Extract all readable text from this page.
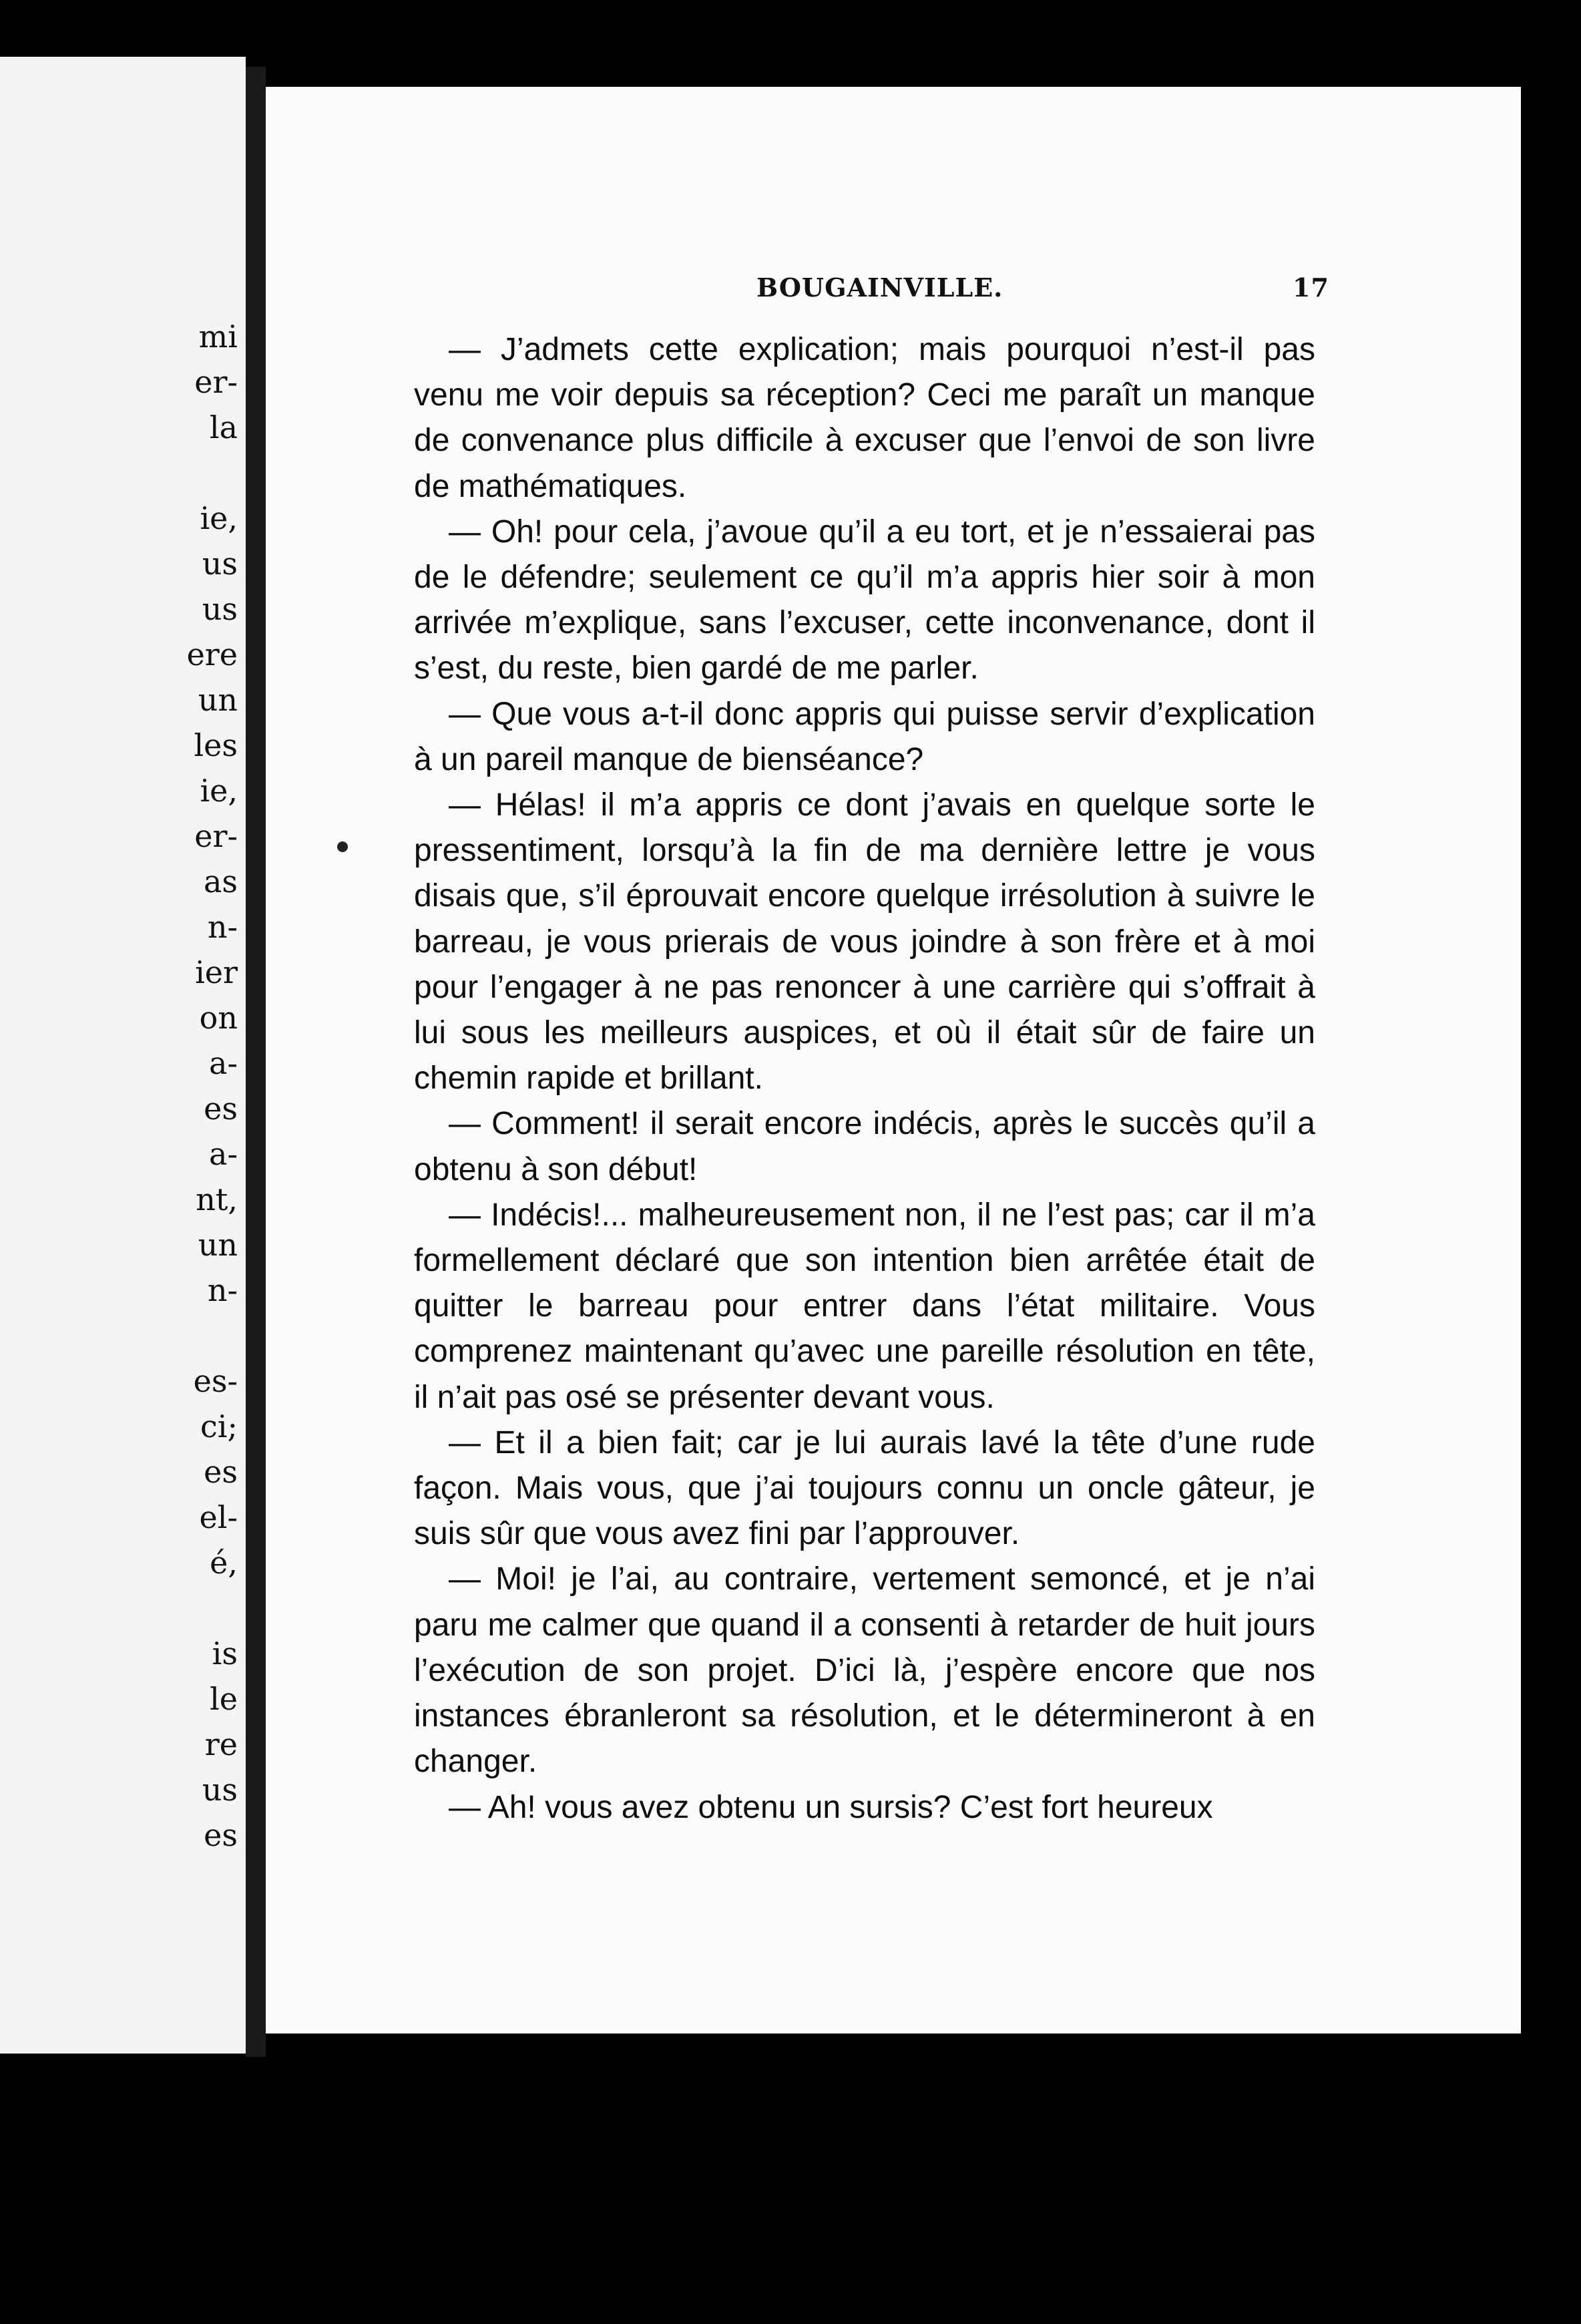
mi
er-
la
ie,
us
us
ere
un
les
ie,
er-
as
n-
ier
on
a-
es
a-
nt,
un
n-
es-
ci;
es
el-
é,
is
le
re
us
es
BOUGAINVILLE.	17

— J’admets cette explication; mais pourquoi n’est-il pas venu me voir depuis sa réception? Ceci me paraît un manque de convenance plus difficile à excuser que l’envoi de son livre de mathématiques.

— Oh! pour cela, j’avoue qu’il a eu tort, et je n’essaierai pas de le défendre; seulement ce qu’il m’a appris hier soir à mon arrivée m’explique, sans l’excuser, cette inconvenance, dont il s’est, du reste, bien gardé de me parler.

— Que vous a-t-il donc appris qui puisse servir d’explication à un pareil manque de bienséance?

— Hélas! il m’a appris ce dont j’avais en quelque sorte le pressentiment, lorsqu’à la fin de ma dernière lettre je vous disais que, s’il éprouvait encore quelque irrésolution à suivre le barreau, je vous prierais de vous joindre à son frère et à moi pour l’engager à ne pas renoncer à une carrière qui s’offrait à lui sous les meilleurs auspices, et où il était sûr de faire un chemin rapide et brillant.

— Comment! il serait encore indécis, après le succès qu’il a obtenu à son début!

— Indécis!... malheureusement non, il ne l’est pas; car il m’a formellement déclaré que son intention bien arrêtée était de quitter le barreau pour entrer dans l’état militaire. Vous comprenez maintenant qu’avec une pareille résolution en tête, il n’ait pas osé se présenter devant vous.

— Et il a bien fait; car je lui aurais lavé la tête d’une rude façon. Mais vous, que j’ai toujours connu un oncle gâteur, je suis sûr que vous avez fini par l’approuver.

— Moi! je l’ai, au contraire, vertement semoncé, et je n’ai paru me calmer que quand il a consenti à retarder de huit jours l’exécution de son projet. D’ici là, j’espère encore que nos instances ébranleront sa résolution, et le détermineront à en changer.

— Ah! vous avez obtenu un sursis? C’est fort heureux
